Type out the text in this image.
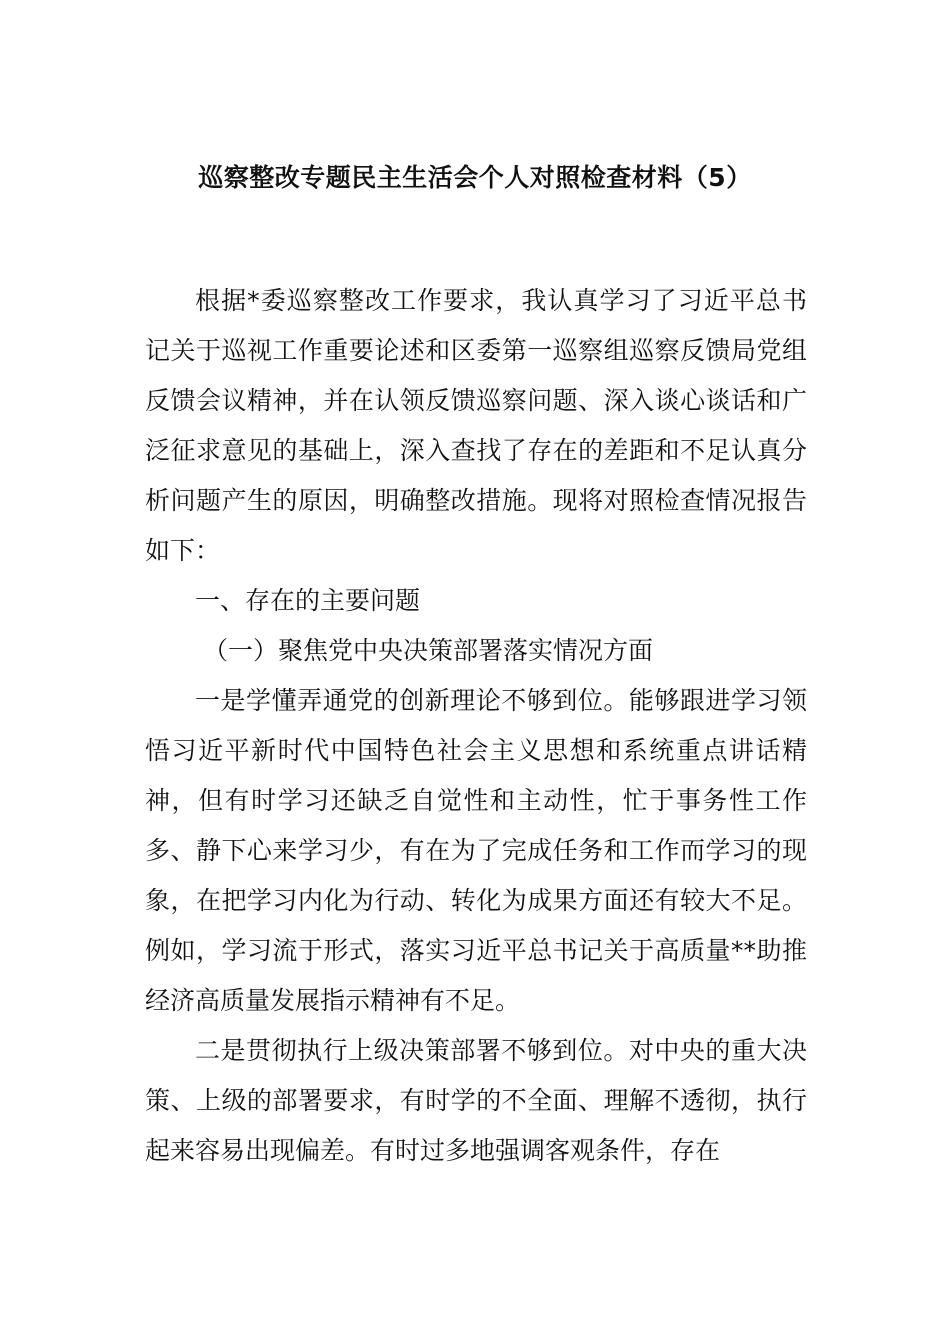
巡察整改专题民主生活会个人对照检查材料（5）

根据*委巡察整改工作要求，我认真学习了习近平总书记关于巡视工作重要论述和区委第一巡察组巡察反馈局党组反馈会议精神，并在认领反馈巡察问题、深入谈心谈话和广泛征求意见的基础上，深入查找了存在的差距和不足认真分析问题产生的原因，明确整改措施。现将对照检查情况报告如下：

一、存在的主要问题

（一）聚焦党中央决策部署落实情况方面

一是学懂弄通党的创新理论不够到位。能够跟进学习领悟习近平新时代中国特色社会主义思想和系统重点讲话精神，但有时学习还缺乏自觉性和主动性，忙于事务性工作多、静下心来学习少，有在为了完成任务和工作而学习的现象，在把学习内化为行动、转化为成果方面还有较大不足。例如，学习流于形式，落实习近平总书记关于高质量**助推经济高质量发展指示精神有不足。

二是贯彻执行上级决策部署不够到位。对中央的重大决策、上级的部署要求，有时学的不全面、理解不透彻，执行起来容易出现偏差。有时过多地强调客观条件，存在
